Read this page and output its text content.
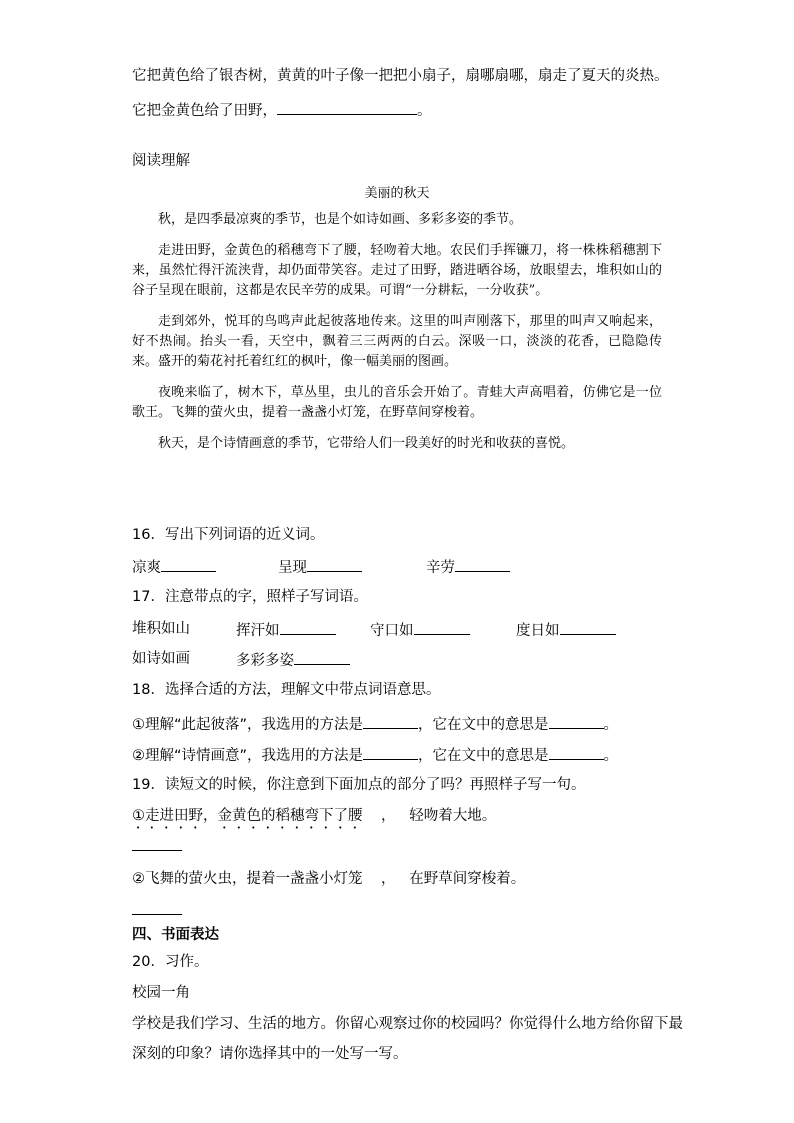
它把黄色给了银杏树，黄黄的叶子像一把把小扇子，扇哪扇哪，扇走了夏天的炎热。
它把金黄色给了田野，	。
阅读理解
美丽的秋天

秋，是四季最凉爽的季节，也是个如诗如画、多彩多姿的季节。

走进田野，金黄色的稻穗弯下了腰，轻吻着大地。农民们手挥镰刀，将一株株稻穗割下来，虽然忙得汗流浃背，却仍面带笑容。走过了田野，踏进晒谷场，放眼望去，堆积如山的谷子呈现在眼前，这都是农民辛劳的成果。可谓“一分耕耘，一分收获”。

走到郊外，悦耳的鸟鸣声此起彼落地传来。这里的叫声刚落下，那里的叫声又响起来，好不热闹。抬头一看，天空中，飘着三三两两的白云。深吸一口，淡淡的花香，已隐隐传来。盛开的菊花衬托着红红的枫叶，像一幅美丽的图画。

夜晚来临了，树木下，草丛里，虫儿的音乐会开始了。青蛙大声高唱着，仿佛它是一位歌王。飞舞的萤火虫，提着一盏盏小灯笼，在野草间穿梭着。

秋天，是个诗情画意的季节，它带给人们一段美好的时光和收获的喜悦。

16．写出下列词语的近义词。
凉爽	呈现	辛劳
17．注意带点的字，照样子写词语。
堆积如山	挥汗如	守口如	度日如
如诗如画	多彩多姿
18．选择合适的方法，理解文中带点词语意思。
①理解“此起彼落”，我选用的方法是	，它在文中的意思是	。
②理解“诗情画意”，我选用的方法是	，它在文中的意思是	。
19．读短文的时候，你注意到下面加点的部分了吗？再照样子写一句。
①走进田野，金黄色的稻穗弯下了腰 ， 轻吻着大地。
②飞舞的萤火虫，提着一盏盏小灯笼 ， 在野草间穿梭着。
四、书面表达
20．习作。
校园一角
学校是我们学习、生活的地方。你留心观察过你的校园吗？你觉得什么地方给你留下最
深刻的印象？请你选择其中的一处写一写。
